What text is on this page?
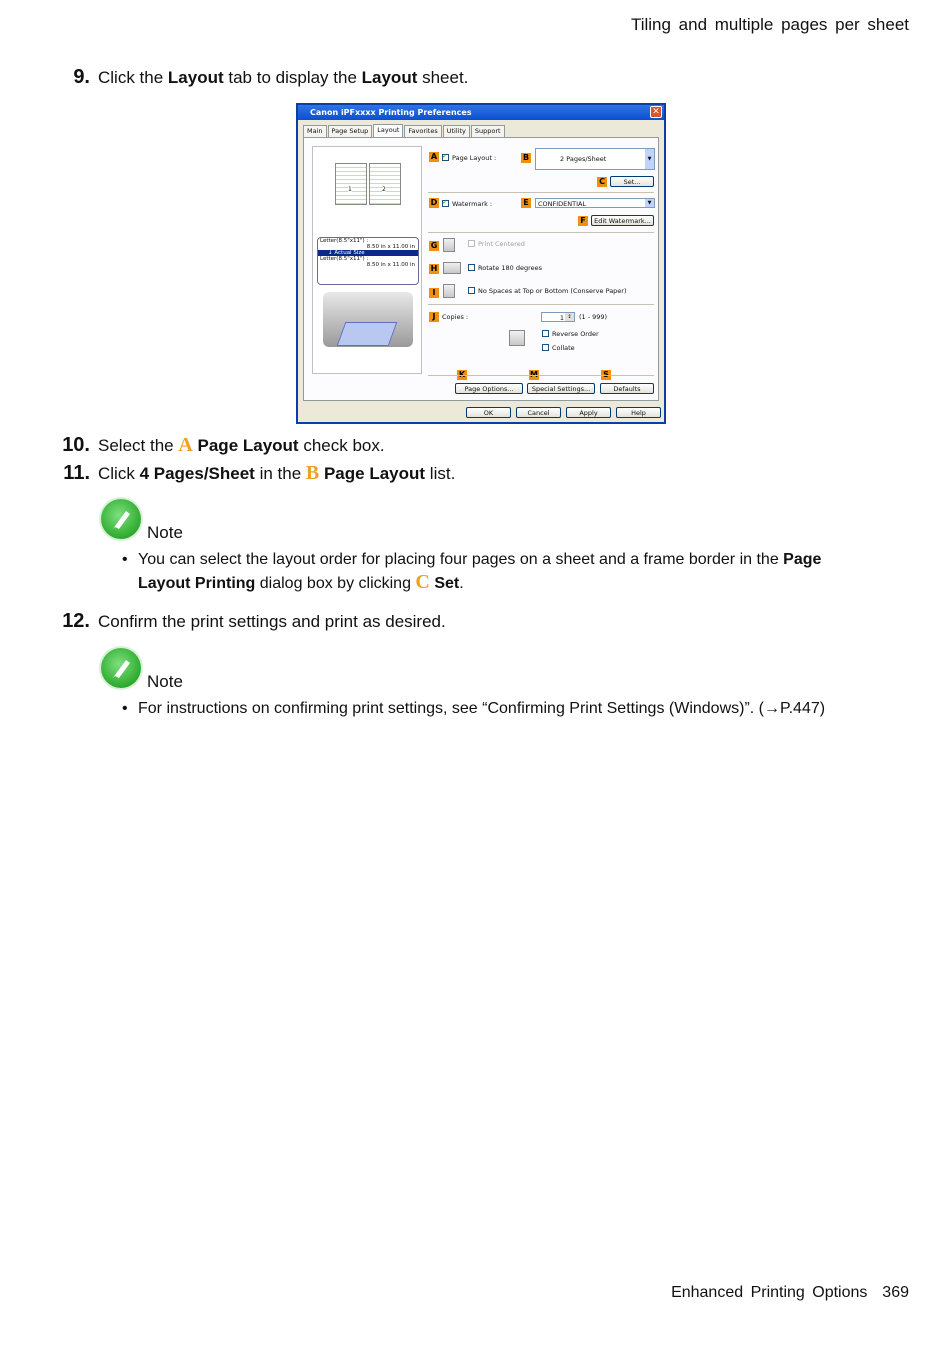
Tiling and multiple pages per sheet
9. Click the Layout tab to display the Layout sheet.
Canon iPFxxxx Printing Preferences	✕
Main	Page Setup	Layout	Favorites	Utility	Support
1	2
Letter(8.5"x11") :
8.50 in x 11.00 in
↓ Actual Size
Letter(8.5"x11") :
8.50 in x 11.00 in
A ✓ Page Layout :	B	2 Pages/Sheet	▼
C	Set...
D ✓ Watermark :	E	CONFIDENTIAL	▼
F	Edit Watermark...
G	Print Centered
H	Rotate 180 degrees
I	No Spaces at Top or Bottom (Conserve Paper)
J	Copies :	1 ↕	(1 - 999)
Reverse Order
Collate
Page Options...	Special Settings...	Defaults
OK	Cancel	Apply	Help
10. Select the A Page Layout check box.
11. Click 4 Pages/Sheet in the B Page Layout list.
Note
• You can select the layout order for placing four pages on a sheet and a frame border in the Page
Layout Printing dialog box by clicking C Set.
12. Confirm the print settings and print as desired.
Note
• For instructions on confirming print settings, see “Confirming Print Settings (Windows)”. (→P.447)
Enhanced Printing Options 369
